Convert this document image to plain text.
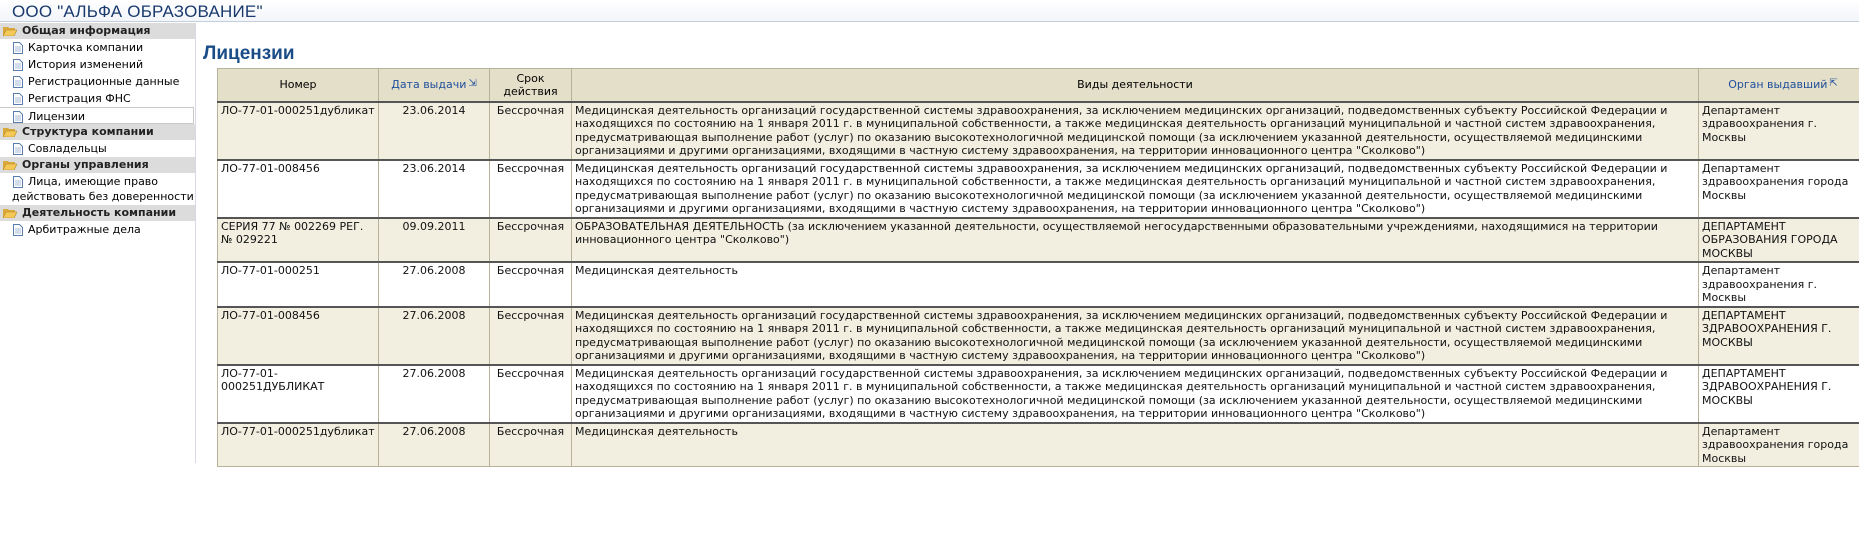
ООО "АЛЬФА ОБРАЗОВАНИЕ"
Общая информация
Карточка компании
История изменений
Регистрационные данные
Регистрация ФНС
Лицензии
Структура компании
Совладельцы
Органы управления
Лица, имеющие право
действовать без доверенности
Деятельность компании
Арбитражные дела
Лицензии
Номер	Дата выдачи ⇲	Срок действия	Виды деятельности	Орган выдавший ⇱
ЛО-77-01-000251дубликат	23.06.2014	Бессрочная	Медицинская деятельность организаций государственной системы здравоохранения, за исключением медицинских организаций, подведомственных субъекту Российской Федерации и находящихся по состоянию на 1 января 2011 г. в муниципальной собственности, а также медицинская деятельность организаций муниципальной и частной систем здравоохранения, предусматривающая выполнение работ (услуг) по оказанию высокотехнологичной медицинской помощи (за исключением указанной деятельности, осуществляемой медицинскими организациями и другими организациями, входящими в частную систему здравоохранения, на территории инновационного центра "Сколково")	Департамент здравоохранения г. Москвы
ЛО-77-01-008456	23.06.2014	Бессрочная	Медицинская деятельность организаций государственной системы здравоохранения, за исключением медицинских организаций, подведомственных субъекту Российской Федерации и находящихся по состоянию на 1 января 2011 г. в муниципальной собственности, а также медицинская деятельность организаций муниципальной и частной систем здравоохранения, предусматривающая выполнение работ (услуг) по оказанию высокотехнологичной медицинской помощи (за исключением указанной деятельности, осуществляемой медицинскими организациями и другими организациями, входящими в частную систему здравоохранения, на территории инновационного центра "Сколково")	Департамент здравоохранения города Москвы
СЕРИЯ 77 № 002269 РЕГ. № 029221	09.09.2011	Бессрочная	ОБРАЗОВАТЕЛЬНАЯ ДЕЯТЕЛЬНОСТЬ (за исключением указанной деятельности, осуществляемой негосударственными образовательными учреждениями, находящимися на территории инновационного центра "Сколково")	ДЕПАРТАМЕНТ ОБРАЗОВАНИЯ ГОРОДА МОСКВЫ
ЛО-77-01-000251	27.06.2008	Бессрочная	Медицинская деятельность	Департамент здравоохранения г. Москвы
ЛО-77-01-008456	27.06.2008	Бессрочная	Медицинская деятельность организаций государственной системы здравоохранения, за исключением медицинских организаций, подведомственных субъекту Российской Федерации и находящихся по состоянию на 1 января 2011 г. в муниципальной собственности, а также медицинская деятельность организаций муниципальной и частной систем здравоохранения, предусматривающая выполнение работ (услуг) по оказанию высокотехнологичной медицинской помощи (за исключением указанной деятельности, осуществляемой медицинскими организациями и другими организациями, входящими в частную систему здравоохранения, на территории инновационного центра "Сколково")	ДЕПАРТАМЕНТ ЗДРАВООХРАНЕНИЯ Г. МОСКВЫ
ЛО-77-01-000251ДУБЛИКАТ	27.06.2008	Бессрочная	Медицинская деятельность организаций государственной системы здравоохранения, за исключением медицинских организаций, подведомственных субъекту Российской Федерации и находящихся по состоянию на 1 января 2011 г. в муниципальной собственности, а также медицинская деятельность организаций муниципальной и частной систем здравоохранения, предусматривающая выполнение работ (услуг) по оказанию высокотехнологичной медицинской помощи (за исключением указанной деятельности, осуществляемой медицинскими организациями и другими организациями, входящими в частную систему здравоохранения, на территории инновационного центра "Сколково")	ДЕПАРТАМЕНТ ЗДРАВООХРАНЕНИЯ Г. МОСКВЫ
ЛО-77-01-000251дубликат	27.06.2008	Бессрочная	Медицинская деятельность	Департамент здравоохранения города Москвы
